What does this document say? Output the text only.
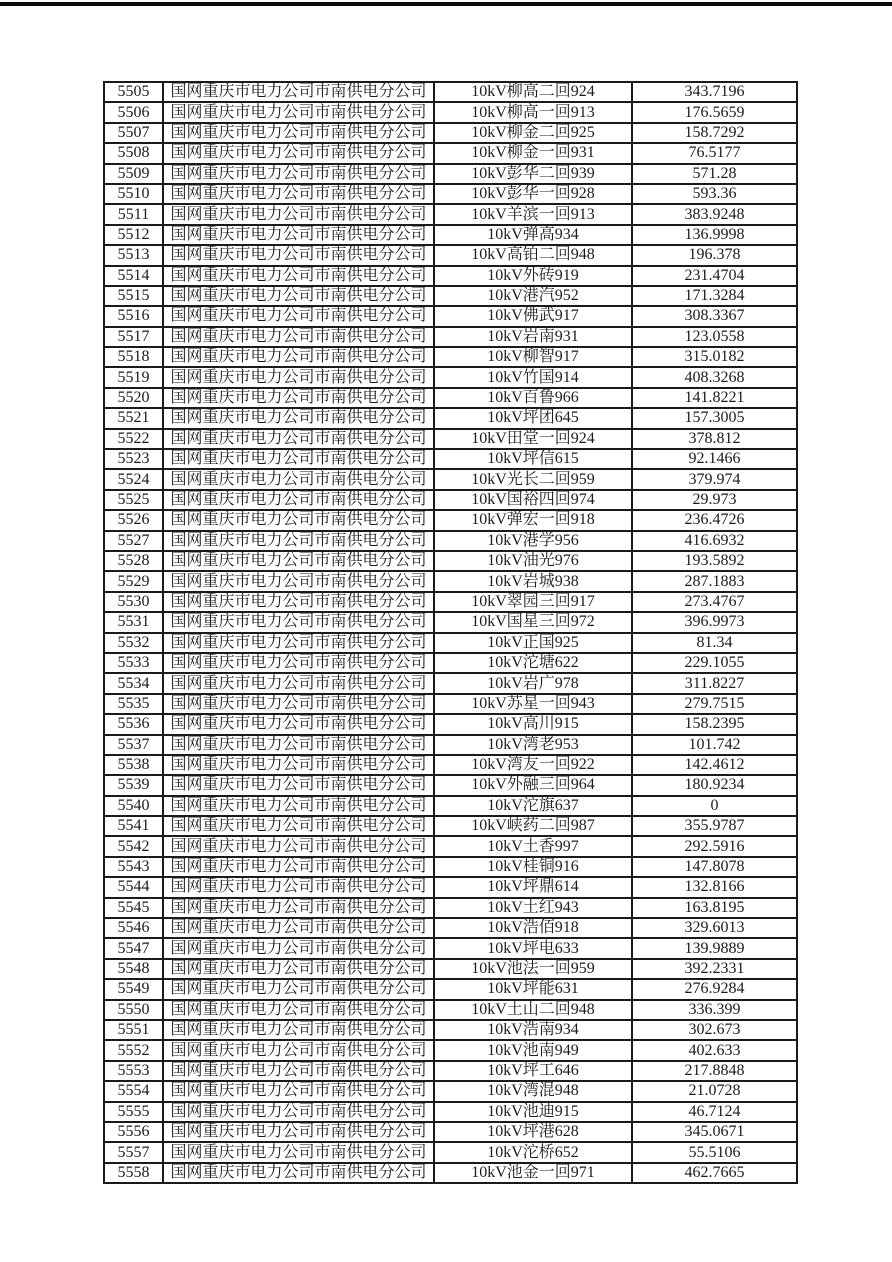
5505	国网重庆市电力公司市南供电分公司	10kV柳高二回924	343.7196
5506	国网重庆市电力公司市南供电分公司	10kV柳高一回913	176.5659
5507	国网重庆市电力公司市南供电分公司	10kV柳金二回925	158.7292
5508	国网重庆市电力公司市南供电分公司	10kV柳金一回931	76.5177
5509	国网重庆市电力公司市南供电分公司	10kV彭华二回939	571.28
5510	国网重庆市电力公司市南供电分公司	10kV彭华一回928	593.36
5511	国网重庆市电力公司市南供电分公司	10kV羊滨一回913	383.9248
5512	国网重庆市电力公司市南供电分公司	10kV弹高934	136.9998
5513	国网重庆市电力公司市南供电分公司	10kV高铂二回948	196.378
5514	国网重庆市电力公司市南供电分公司	10kV外砖919	231.4704
5515	国网重庆市电力公司市南供电分公司	10kV港汽952	171.3284
5516	国网重庆市电力公司市南供电分公司	10kV佛武917	308.3367
5517	国网重庆市电力公司市南供电分公司	10kV岩南931	123.0558
5518	国网重庆市电力公司市南供电分公司	10kV柳智917	315.0182
5519	国网重庆市电力公司市南供电分公司	10kV竹国914	408.3268
5520	国网重庆市电力公司市南供电分公司	10kV百鲁966	141.8221
5521	国网重庆市电力公司市南供电分公司	10kV坪团645	157.3005
5522	国网重庆市电力公司市南供电分公司	10kV田堂一回924	378.812
5523	国网重庆市电力公司市南供电分公司	10kV坪信615	92.1466
5524	国网重庆市电力公司市南供电分公司	10kV光长二回959	379.974
5525	国网重庆市电力公司市南供电分公司	10kV国裕四回974	29.973
5526	国网重庆市电力公司市南供电分公司	10kV弹宏一回918	236.4726
5527	国网重庆市电力公司市南供电分公司	10kV港学956	416.6932
5528	国网重庆市电力公司市南供电分公司	10kV油光976	193.5892
5529	国网重庆市电力公司市南供电分公司	10kV岩城938	287.1883
5530	国网重庆市电力公司市南供电分公司	10kV翠园三回917	273.4767
5531	国网重庆市电力公司市南供电分公司	10kV国星三回972	396.9973
5532	国网重庆市电力公司市南供电分公司	10kV正国925	81.34
5533	国网重庆市电力公司市南供电分公司	10kV沱塘622	229.1055
5534	国网重庆市电力公司市南供电分公司	10kV岩广978	311.8227
5535	国网重庆市电力公司市南供电分公司	10kV苏星一回943	279.7515
5536	国网重庆市电力公司市南供电分公司	10kV高川915	158.2395
5537	国网重庆市电力公司市南供电分公司	10kV湾老953	101.742
5538	国网重庆市电力公司市南供电分公司	10kV湾友一回922	142.4612
5539	国网重庆市电力公司市南供电分公司	10kV外融三回964	180.9234
5540	国网重庆市电力公司市南供电分公司	10kV沱旗637	0
5541	国网重庆市电力公司市南供电分公司	10kV峡药二回987	355.9787
5542	国网重庆市电力公司市南供电分公司	10kV土香997	292.5916
5543	国网重庆市电力公司市南供电分公司	10kV桂铜916	147.8078
5544	国网重庆市电力公司市南供电分公司	10kV坪鼎614	132.8166
5545	国网重庆市电力公司市南供电分公司	10kV土红943	163.8195
5546	国网重庆市电力公司市南供电分公司	10kV浩佰918	329.6013
5547	国网重庆市电力公司市南供电分公司	10kV坪电633	139.9889
5548	国网重庆市电力公司市南供电分公司	10kV池法一回959	392.2331
5549	国网重庆市电力公司市南供电分公司	10kV坪能631	276.9284
5550	国网重庆市电力公司市南供电分公司	10kV土山二回948	336.399
5551	国网重庆市电力公司市南供电分公司	10kV浩南934	302.673
5552	国网重庆市电力公司市南供电分公司	10kV池南949	402.633
5553	国网重庆市电力公司市南供电分公司	10kV坪工646	217.8848
5554	国网重庆市电力公司市南供电分公司	10kV湾混948	21.0728
5555	国网重庆市电力公司市南供电分公司	10kV池迪915	46.7124
5556	国网重庆市电力公司市南供电分公司	10kV坪港628	345.0671
5557	国网重庆市电力公司市南供电分公司	10kV沱桥652	55.5106
5558	国网重庆市电力公司市南供电分公司	10kV池金一回971	462.7665
